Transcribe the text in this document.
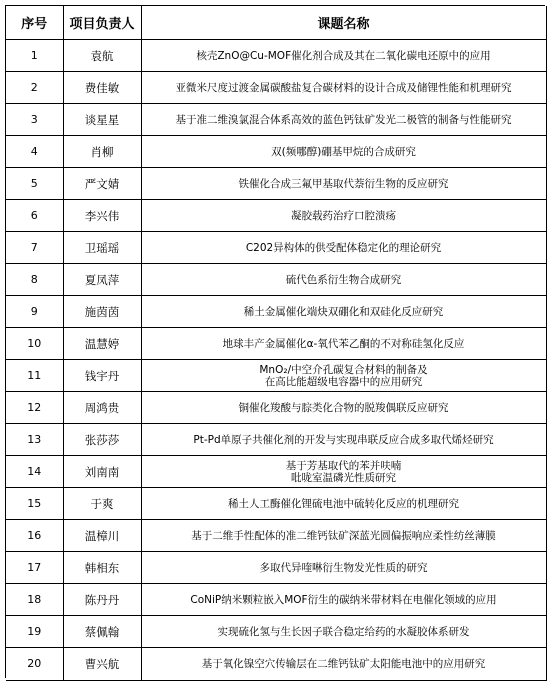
序号	项目负责人	课题名称
1	袁航	核壳ZnO@Cu-MOF催化剂合成及其在二氧化碳电还原中的应用
2	费佳敏	亚微米尺度过渡金属碳酸盐复合碳材料的设计合成及储锂性能和机理研究
3	谈星星	基于准二维溴氯混合体系高效的蓝色钙钛矿发光二极管的制备与性能研究
4	肖柳	双(频哪醇)硼基甲烷的合成研究
5	严文婧	铁催化合成三氟甲基取代萘衍生物的反应研究
6	李兴伟	凝胶载药治疗口腔溃疡
7	卫瑶瑶	C202异构体的供受配体稳定化的理论研究
8	夏凤萍	硫代色系衍生物合成研究
9	施茵茵	稀土金属催化端炔双硼化和双硅化反应研究
10	温慧婷	地球丰产金属催化α-氧代苯乙酮的不对称硅氢化反应
11	钱宇丹	MnO₂/中空介孔碳复合材料的制备及
在高比能超级电容器中的应用研究

12	周鸿贵	铜催化羧酸与腙类化合物的脱羧偶联反应研究
13	张莎莎	Pt-Pd单原子共催化剂的开发与实现串联反应合成多取代烯烃研究
14	刘南南	基于芳基取代的苯并呋喃
吡咙室温磷光性质研究

15	于爽	稀土人工酶催化锂硫电池中硫转化反应的机理研究
16	温樟川	基于二维手性配体的准二维钙钛矿深蓝光圆偏振响应柔性纺丝薄膜
17	韩相东	多取代异喹啉衍生物发光性质的研究
18	陈丹丹	CoNiP纳米颗粒嵌入MOF衍生的碳纳米带材料在电催化领域的应用
19	蔡佩翰	实现硫化氢与生长因子联合稳定给药的水凝胶体系研发
20	曹兴航	基于氧化镍空穴传输层在二维钙钛矿太阳能电池中的应用研究
